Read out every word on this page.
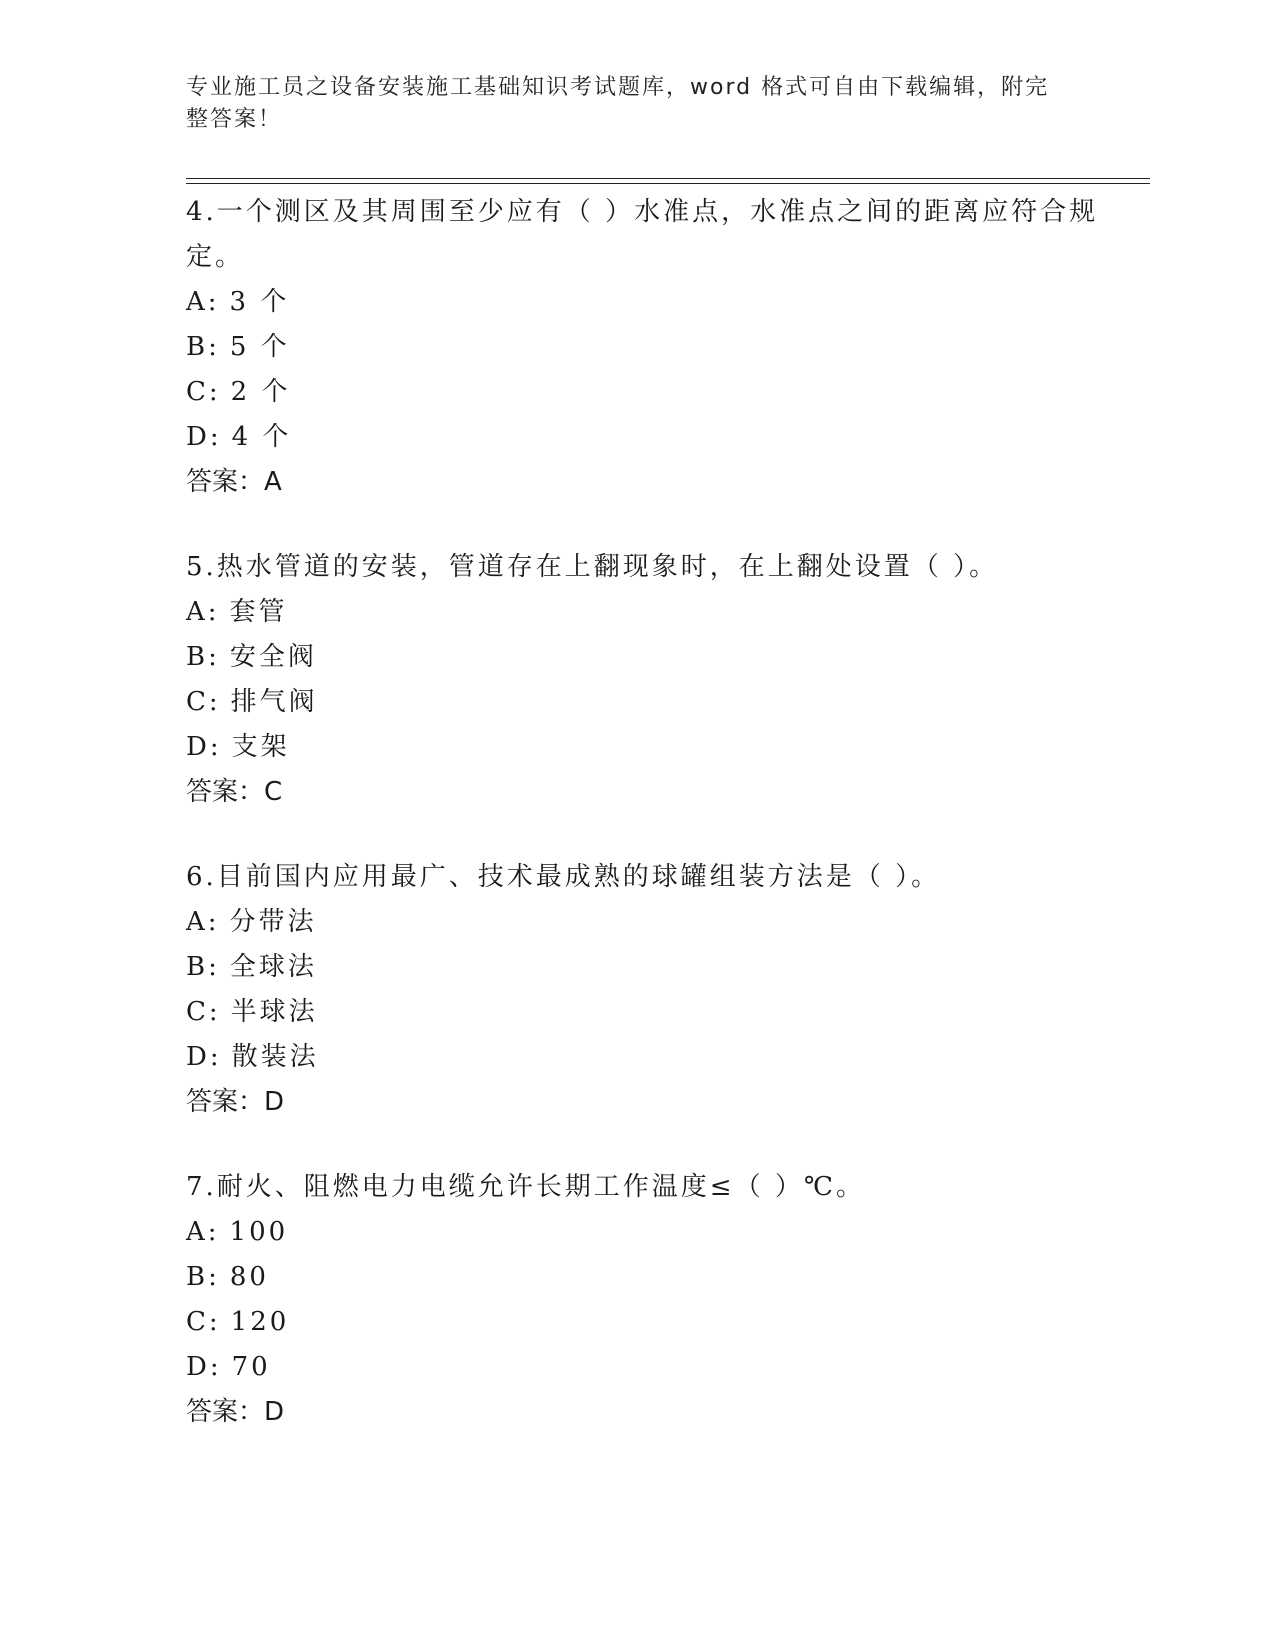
专业施工员之设备安装施工基础知识考试题库，word 格式可自由下载编辑，附完整答案！

4.一个测区及其周围至少应有（ ）水准点，水准点之间的距离应符合规定。

A: 3 个
B: 5 个
C: 2 个
D: 4 个

答案：A

5.热水管道的安装，管道存在上翻现象时，在上翻处设置（ ）。

A: 套管
B: 安全阀
C: 排气阀
D: 支架

答案：C

6.目前国内应用最广、技术最成熟的球罐组装方法是（ ）。

A: 分带法
B: 全球法
C: 半球法
D: 散装法

答案：D

7.耐火、阻燃电力电缆允许长期工作温度≤（ ）℃。

A: 100
B: 80
C: 120
D: 70

答案：D
